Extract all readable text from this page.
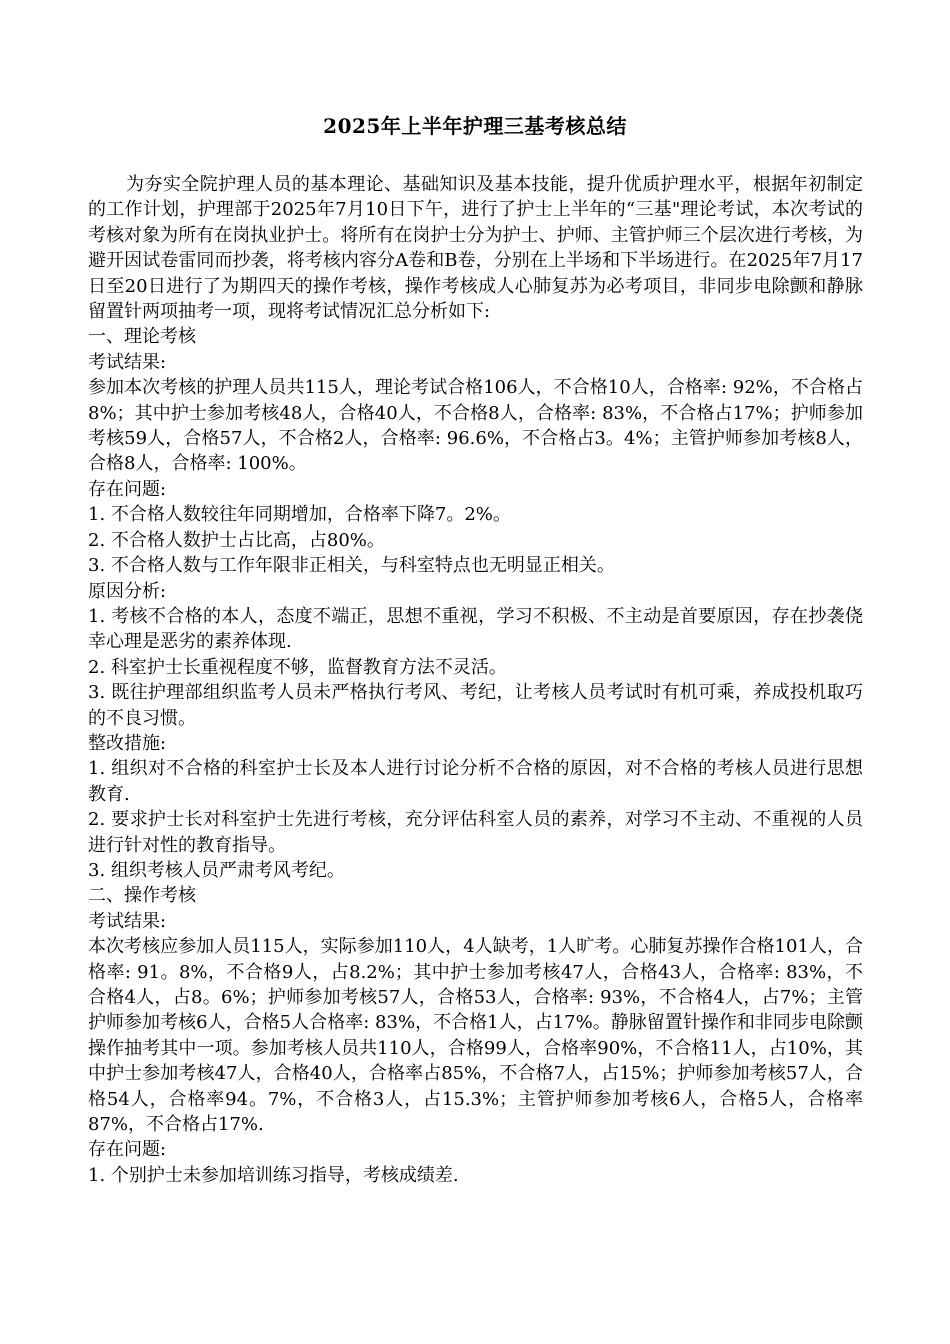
2025年上半年护理三基考核总结

为夯实全院护理人员的基本理论、基础知识及基本技能，提升优质护理水平，根据年初制定的工作计划，护理部于2025年7月10日下午，进行了护士上半年的“三基"理论考试，本次考试的考核对象为所有在岗执业护士。将所有在岗护士分为护士、护师、主管护师三个层次进行考核，为避开因试卷雷同而抄袭，将考核内容分A卷和B卷，分别在上半场和下半场进行。在2025年7月17日至20日进行了为期四天的操作考核，操作考核成人心肺复苏为必考项目，非同步电除颤和静脉留置针两项抽考一项，现将考试情况汇总分析如下:

一、理论考核

考试结果:

参加本次考核的护理人员共115人，理论考试合格106人，不合格10人，合格率: 92%，不合格占8%；其中护士参加考核48人，合格40人，不合格8人，合格率: 83%，不合格占17%；护师参加考核59人，合格57人，不合格2人，合格率: 96.6%，不合格占3。4%；主管护师参加考核8人，合格8人，合格率: 100%。

存在问题:

1. 不合格人数较往年同期增加，合格率下降7。2%。

2. 不合格人数护士占比高，占80%。

3. 不合格人数与工作年限非正相关，与科室特点也无明显正相关。

原因分析:

1. 考核不合格的本人，态度不端正，思想不重视，学习不积极、不主动是首要原因，存在抄袭侥幸心理是恶劣的素养体现.

2. 科室护士长重视程度不够，监督教育方法不灵活。

3. 既往护理部组织监考人员未严格执行考风、考纪，让考核人员考试时有机可乘，养成投机取巧的不良习惯。

整改措施:

1. 组织对不合格的科室护士长及本人进行讨论分析不合格的原因，对不合格的考核人员进行思想教育.

2. 要求护士长对科室护士先进行考核，充分评估科室人员的素养，对学习不主动、不重视的人员进行针对性的教育指导。

3. 组织考核人员严肃考风考纪。

二、操作考核

考试结果:

本次考核应参加人员115人，实际参加110人，4人缺考，1人旷考。心肺复苏操作合格101人，合格率: 91。8%，不合格9人，占8.2%；其中护士参加考核47人，合格43人，合格率: 83%，不合格4人，占8。6%；护师参加考核57人，合格53人，合格率: 93%，不合格4人，占7%；主管护师参加考核6人，合格5人合格率: 83%，不合格1人，占17%。静脉留置针操作和非同步电除颤操作抽考其中一项。参加考核人员共110人，合格99人，合格率90%，不合格11人，占10%，其中护士参加考核47人，合格40人，合格率占85%，不合格7人，占15%；护师参加考核57人，合格54人，合格率94。7%，不合格3人，占15.3%；主管护师参加考核6人，合格5人，合格率87%，不合格占17%.

存在问题:

1. 个别护士未参加培训练习指导，考核成绩差.
